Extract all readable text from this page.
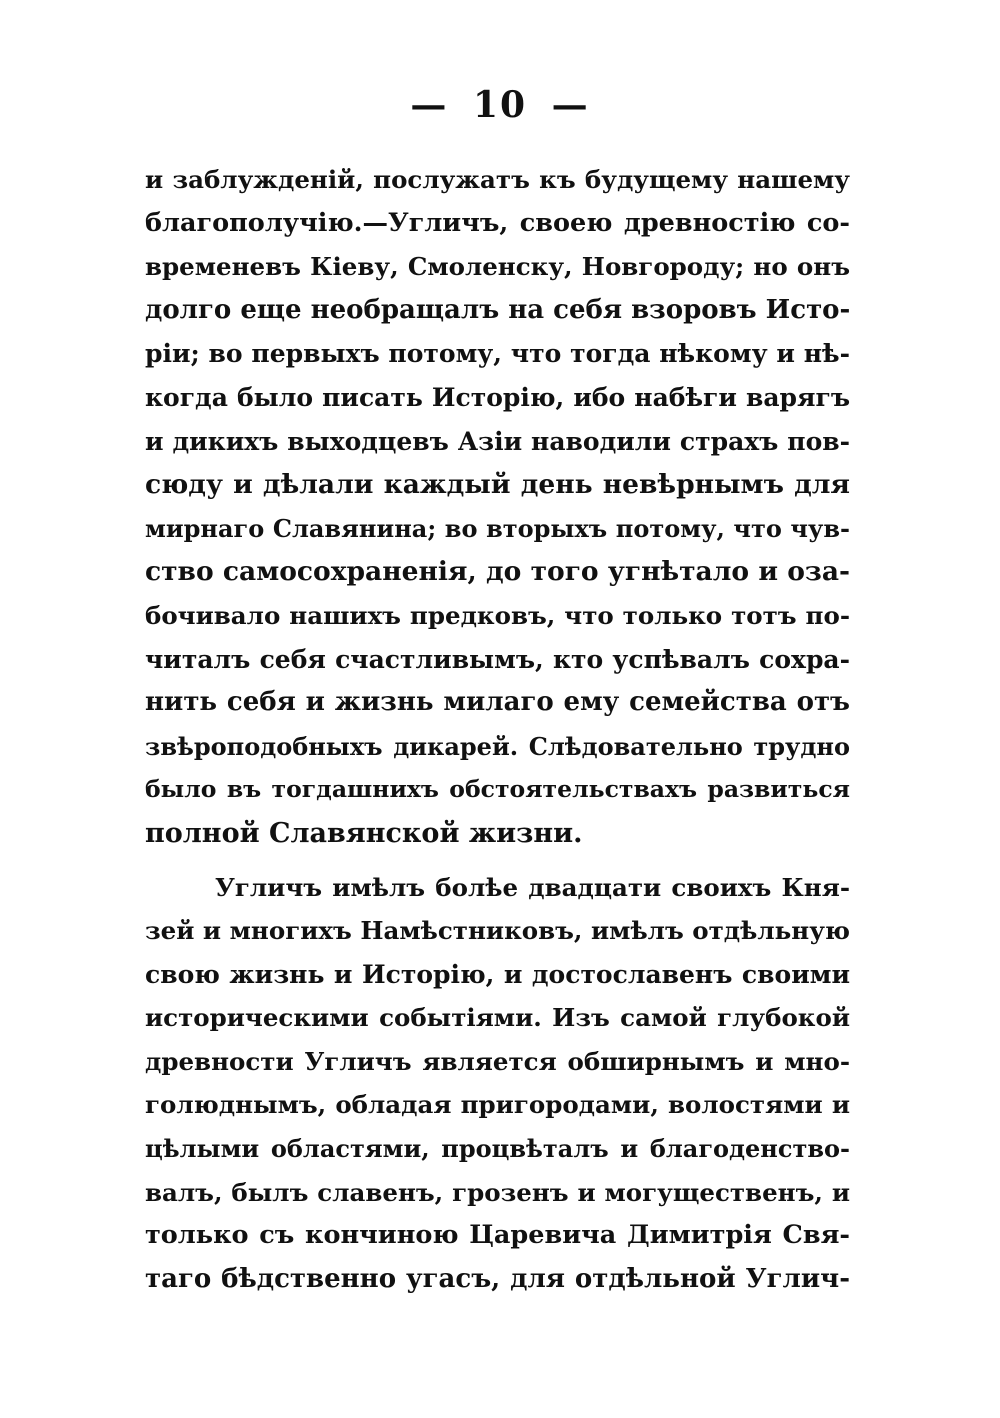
— 10 —
и заблужденій, послужатъ къ будущему нашему
благополучію.—Угличъ, своею древностію со-
временевъ Кіеву, Смоленску, Новгороду; но онъ
долго еще необращалъ на себя взоровъ Исто-
ріи; во первыхъ потому, что тогда нѣкому и нѣ-
когда было писать Исторію, ибо набѣги варягъ
и дикихъ выходцевъ Азіи наводили страхъ пов-
сюду и дѣлали каждый день невѣрнымъ для
мирнаго Славянина; во вторыхъ потому, что чув-
ство самосохраненія, до того угнѣтало и оза-
бочивало нашихъ предковъ, что только тотъ по-
читалъ себя счастливымъ, кто успѣвалъ сохра-
нить себя и жизнь милаго ему семейства отъ
звѣроподобныхъ дикарей. Слѣдовательно трудно
было въ тогдашнихъ обстоятельствахъ развиться
полной Славянской жизни.
Угличъ имѣлъ болѣе двадцати своихъ Кня-
зей и многихъ Намѣстниковъ, имѣлъ отдѣльную
свою жизнь и Исторію, и достославенъ своими
историческими событіями. Изъ самой глубокой
древности Угличъ является обширнымъ и мно-
голюднымъ, обладая пригородами, волостями и
цѣлыми областями, процвѣталъ и благоденство-
валъ, былъ славенъ, грозенъ и могущественъ, и
только съ кончиною Царевича Димитрія Свя-
таго бѣдственно угасъ, для отдѣльной Углич-
